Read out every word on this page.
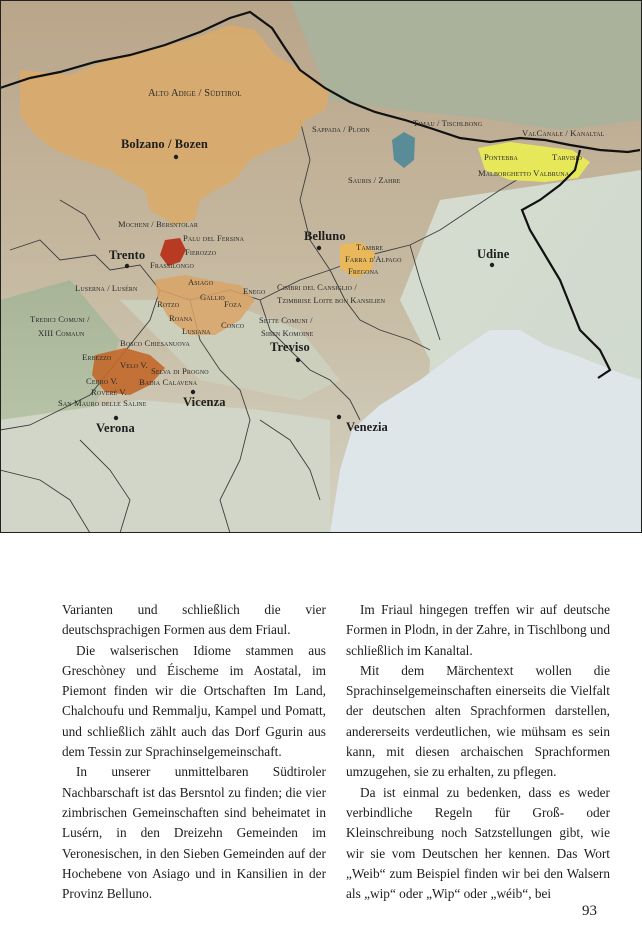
Alto Adige / Südtirol
Sappada / Plodn
Timau / Tischlbong
ValCanale / Kanaltal
Pontebba	Tarvisio
Malborghetto Valbruna
Sauris / Zahre
Mocheni / Bersntolar
Palu del Fersina
Fierozzo
Frassilongo
Tambre
Farra d'Alpago
Fregona
Luserna / Lusérn
Asiago
Gallio
Enego
Foza
Rotzo
Roana
Lusiana
Conco
Cimbri del Cansiglio /
Tzimbrise Loite bon Kansilien
Sette Comuni /
Siben Komoine
Tredici Comuni /
XIII Comaun
Bosco Chiesanuova
Erbezzo
Velo V.
Selva di Progno
Badia Calavena
Cerro V.
Roverè V.
San Mauro delle Saline
Bolzano / Bozen
Trento
Belluno
Udine
Treviso
Vicenza
Verona	Venezia

Varianten und schließlich die vier deutschsprachigen Formen aus dem Friaul.

Die walserischen Idiome stammen aus Greschòney und Éischeme im Aostatal, im Piemont finden wir die Ortschaften Im Land, Chalchoufu und Remmalju, Kampel und Pomatt, und schließlich zählt auch das Dorf Ggurin aus dem Tessin zur Sprachinselgemeinschaft.

In unserer unmittelbaren Südtiroler Nachbarschaft ist das Bersntol zu finden; die vier zimbrischen Gemeinschaften sind beheimatet in Lusérn, in den Dreizehn Gemeinden im Veronesischen, in den Sieben Gemeinden auf der Hochebene von Asiago und in Kansilien in der Provinz Belluno.

Im Friaul hingegen treffen wir auf deutsche Formen in Plodn, in der Zahre, in Tischlbong und schließlich im Kanaltal.

Mit dem Märchentext wollen die Sprachinselgemeinschaften einerseits die Vielfalt der deutschen alten Sprachformen darstellen, andererseits verdeutlichen, wie mühsam es sein kann, mit diesen archaischen Sprachformen umzugehen, sie zu erhalten, zu pflegen.

Da ist einmal zu bedenken, dass es weder verbindliche Regeln für Groß- oder Kleinschreibung noch Satzstellungen gibt, wie wir sie vom Deutschen her kennen. Das Wort „Weib“ zum Beispiel finden wir bei den Walsern als „wip“ oder „Wip“ oder „wéib“, bei

93
